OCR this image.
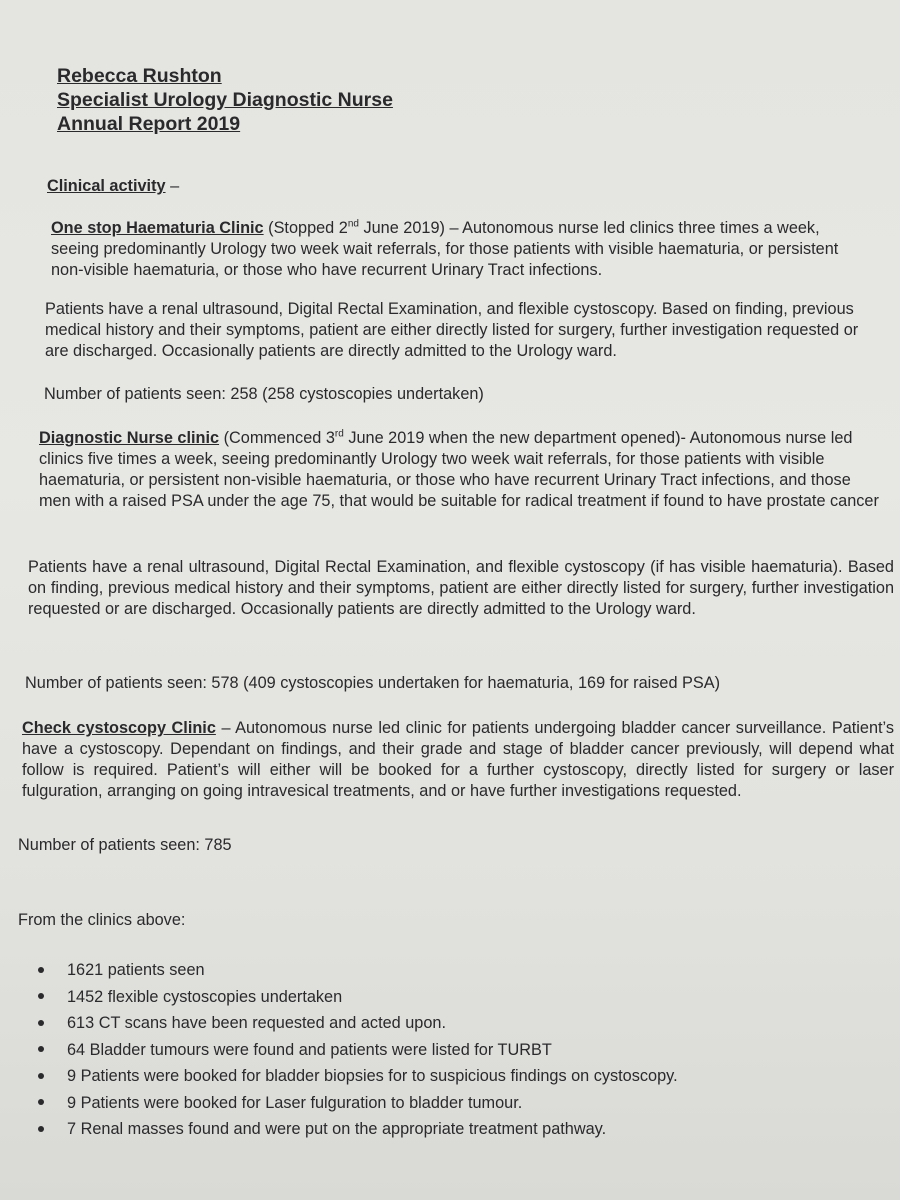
Rebecca Rushton
Specialist Urology Diagnostic Nurse
Annual Report 2019
Clinical activity –
One stop Haematuria Clinic (Stopped 2nd June 2019) – Autonomous nurse led clinics three times a week, seeing predominantly Urology two week wait referrals, for those patients with visible haematuria, or persistent non-visible haematuria, or those who have recurrent Urinary Tract infections.
Patients have a renal ultrasound, Digital Rectal Examination, and flexible cystoscopy. Based on finding, previous medical history and their symptoms, patient are either directly listed for surgery, further investigation requested or are discharged. Occasionally patients are directly admitted to the Urology ward.
Number of patients seen: 258 (258 cystoscopies undertaken)
Diagnostic Nurse clinic (Commenced 3rd June 2019 when the new department opened)- Autonomous nurse led clinics five times a week, seeing predominantly Urology two week wait referrals, for those patients with visible haematuria, or persistent non-visible haematuria, or those who have recurrent Urinary Tract infections, and those men with a raised PSA under the age 75, that would be suitable for radical treatment if found to have prostate cancer
Patients have a renal ultrasound, Digital Rectal Examination, and flexible cystoscopy (if has visible haematuria). Based on finding, previous medical history and their symptoms, patient are either directly listed for surgery, further investigation requested or are discharged. Occasionally patients are directly admitted to the Urology ward.
Number of patients seen: 578 (409 cystoscopies undertaken for haematuria, 169 for raised PSA)
Check cystoscopy Clinic – Autonomous nurse led clinic for patients undergoing bladder cancer surveillance. Patient’s have a cystoscopy. Dependant on findings, and their grade and stage of bladder cancer previously, will depend what follow is required. Patient’s will either will be booked for a further cystoscopy, directly listed for surgery or laser fulguration, arranging on going intravesical treatments, and or have further investigations requested.
Number of patients seen: 785
From the clinics above:
1621 patients seen
1452 flexible cystoscopies undertaken
613 CT scans have been requested and acted upon.
64 Bladder tumours were found and patients were listed for TURBT
9 Patients were booked for bladder biopsies for to suspicious findings on cystoscopy.
9 Patients were booked for Laser fulguration to bladder tumour.
7 Renal masses found and were put on the appropriate treatment pathway.
